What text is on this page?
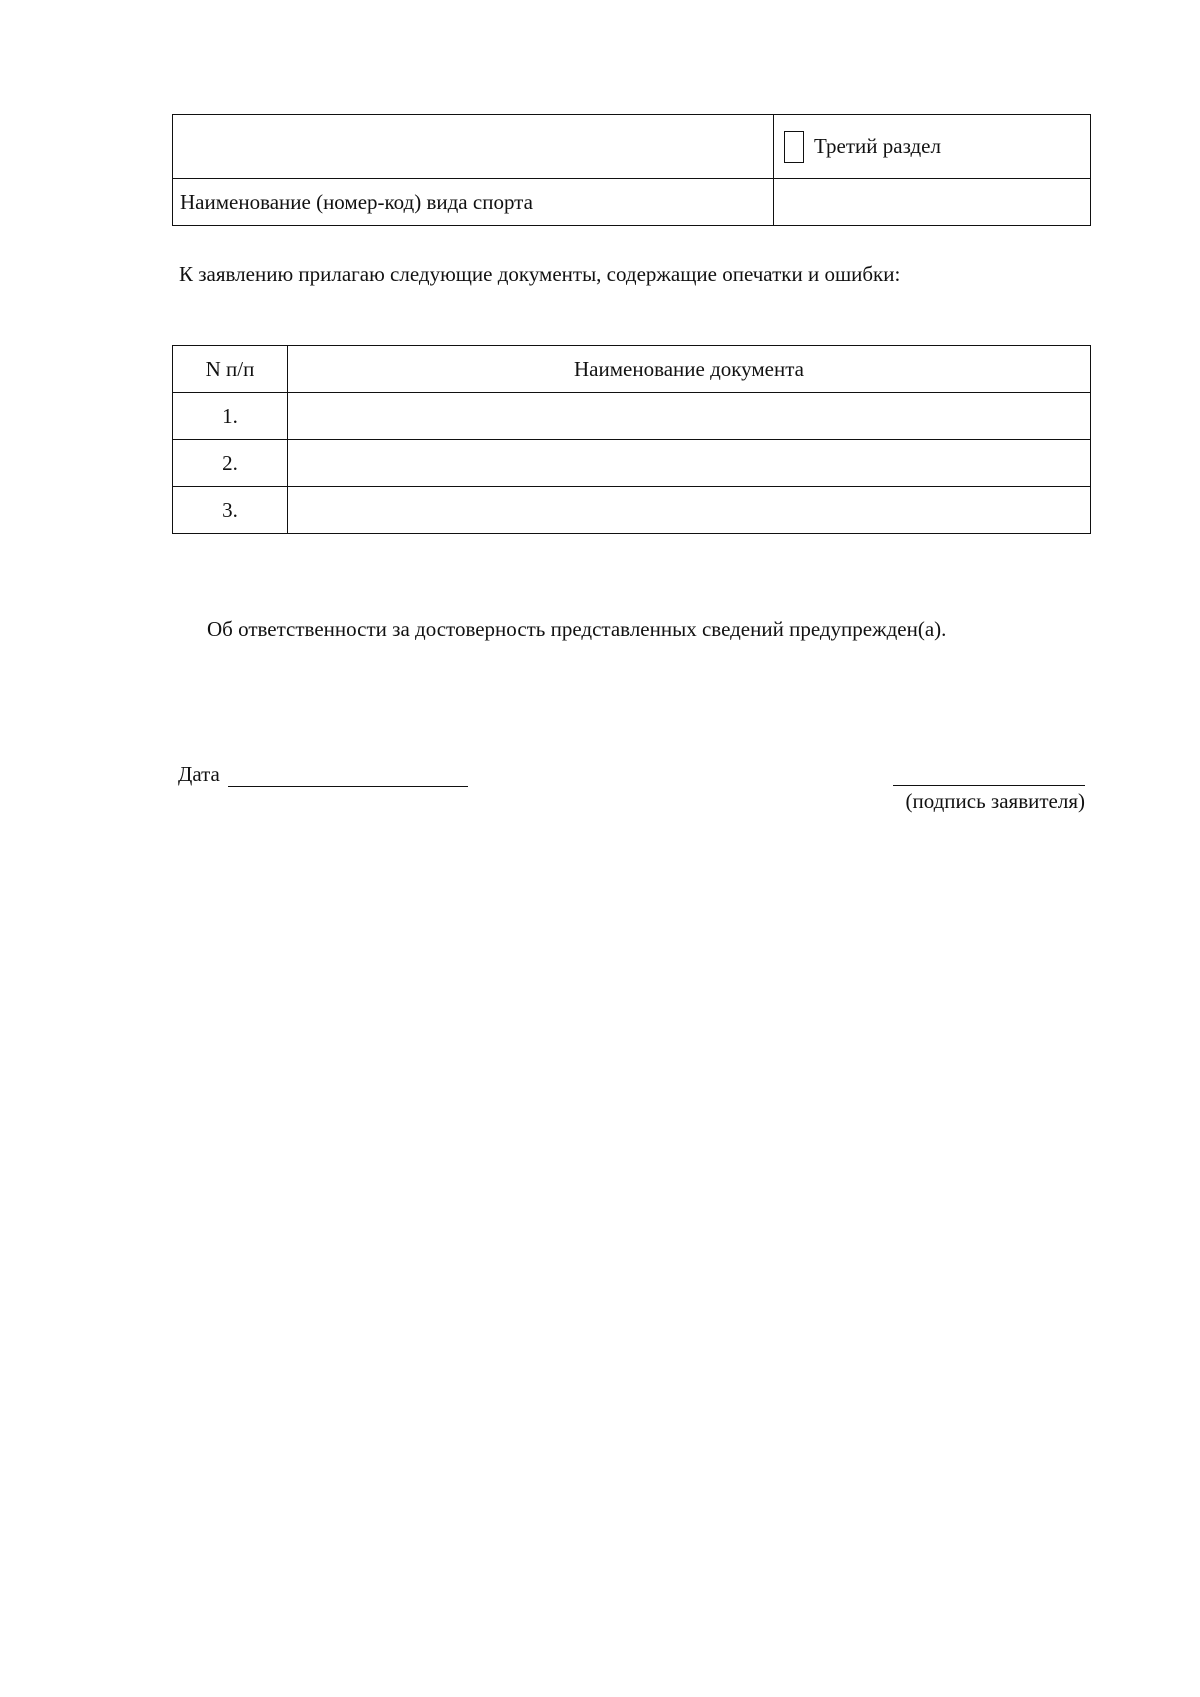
	Третий раздел

Наименование (номер-код) вида спорта	
К заявлению прилагаю следующие документы, содержащие опечатки и ошибки:
N п/п	Наименование документа
1.	
2.	
3.	
Об ответственности за достоверность представленных сведений предупрежден(а).
Дата
(подпись заявителя)
